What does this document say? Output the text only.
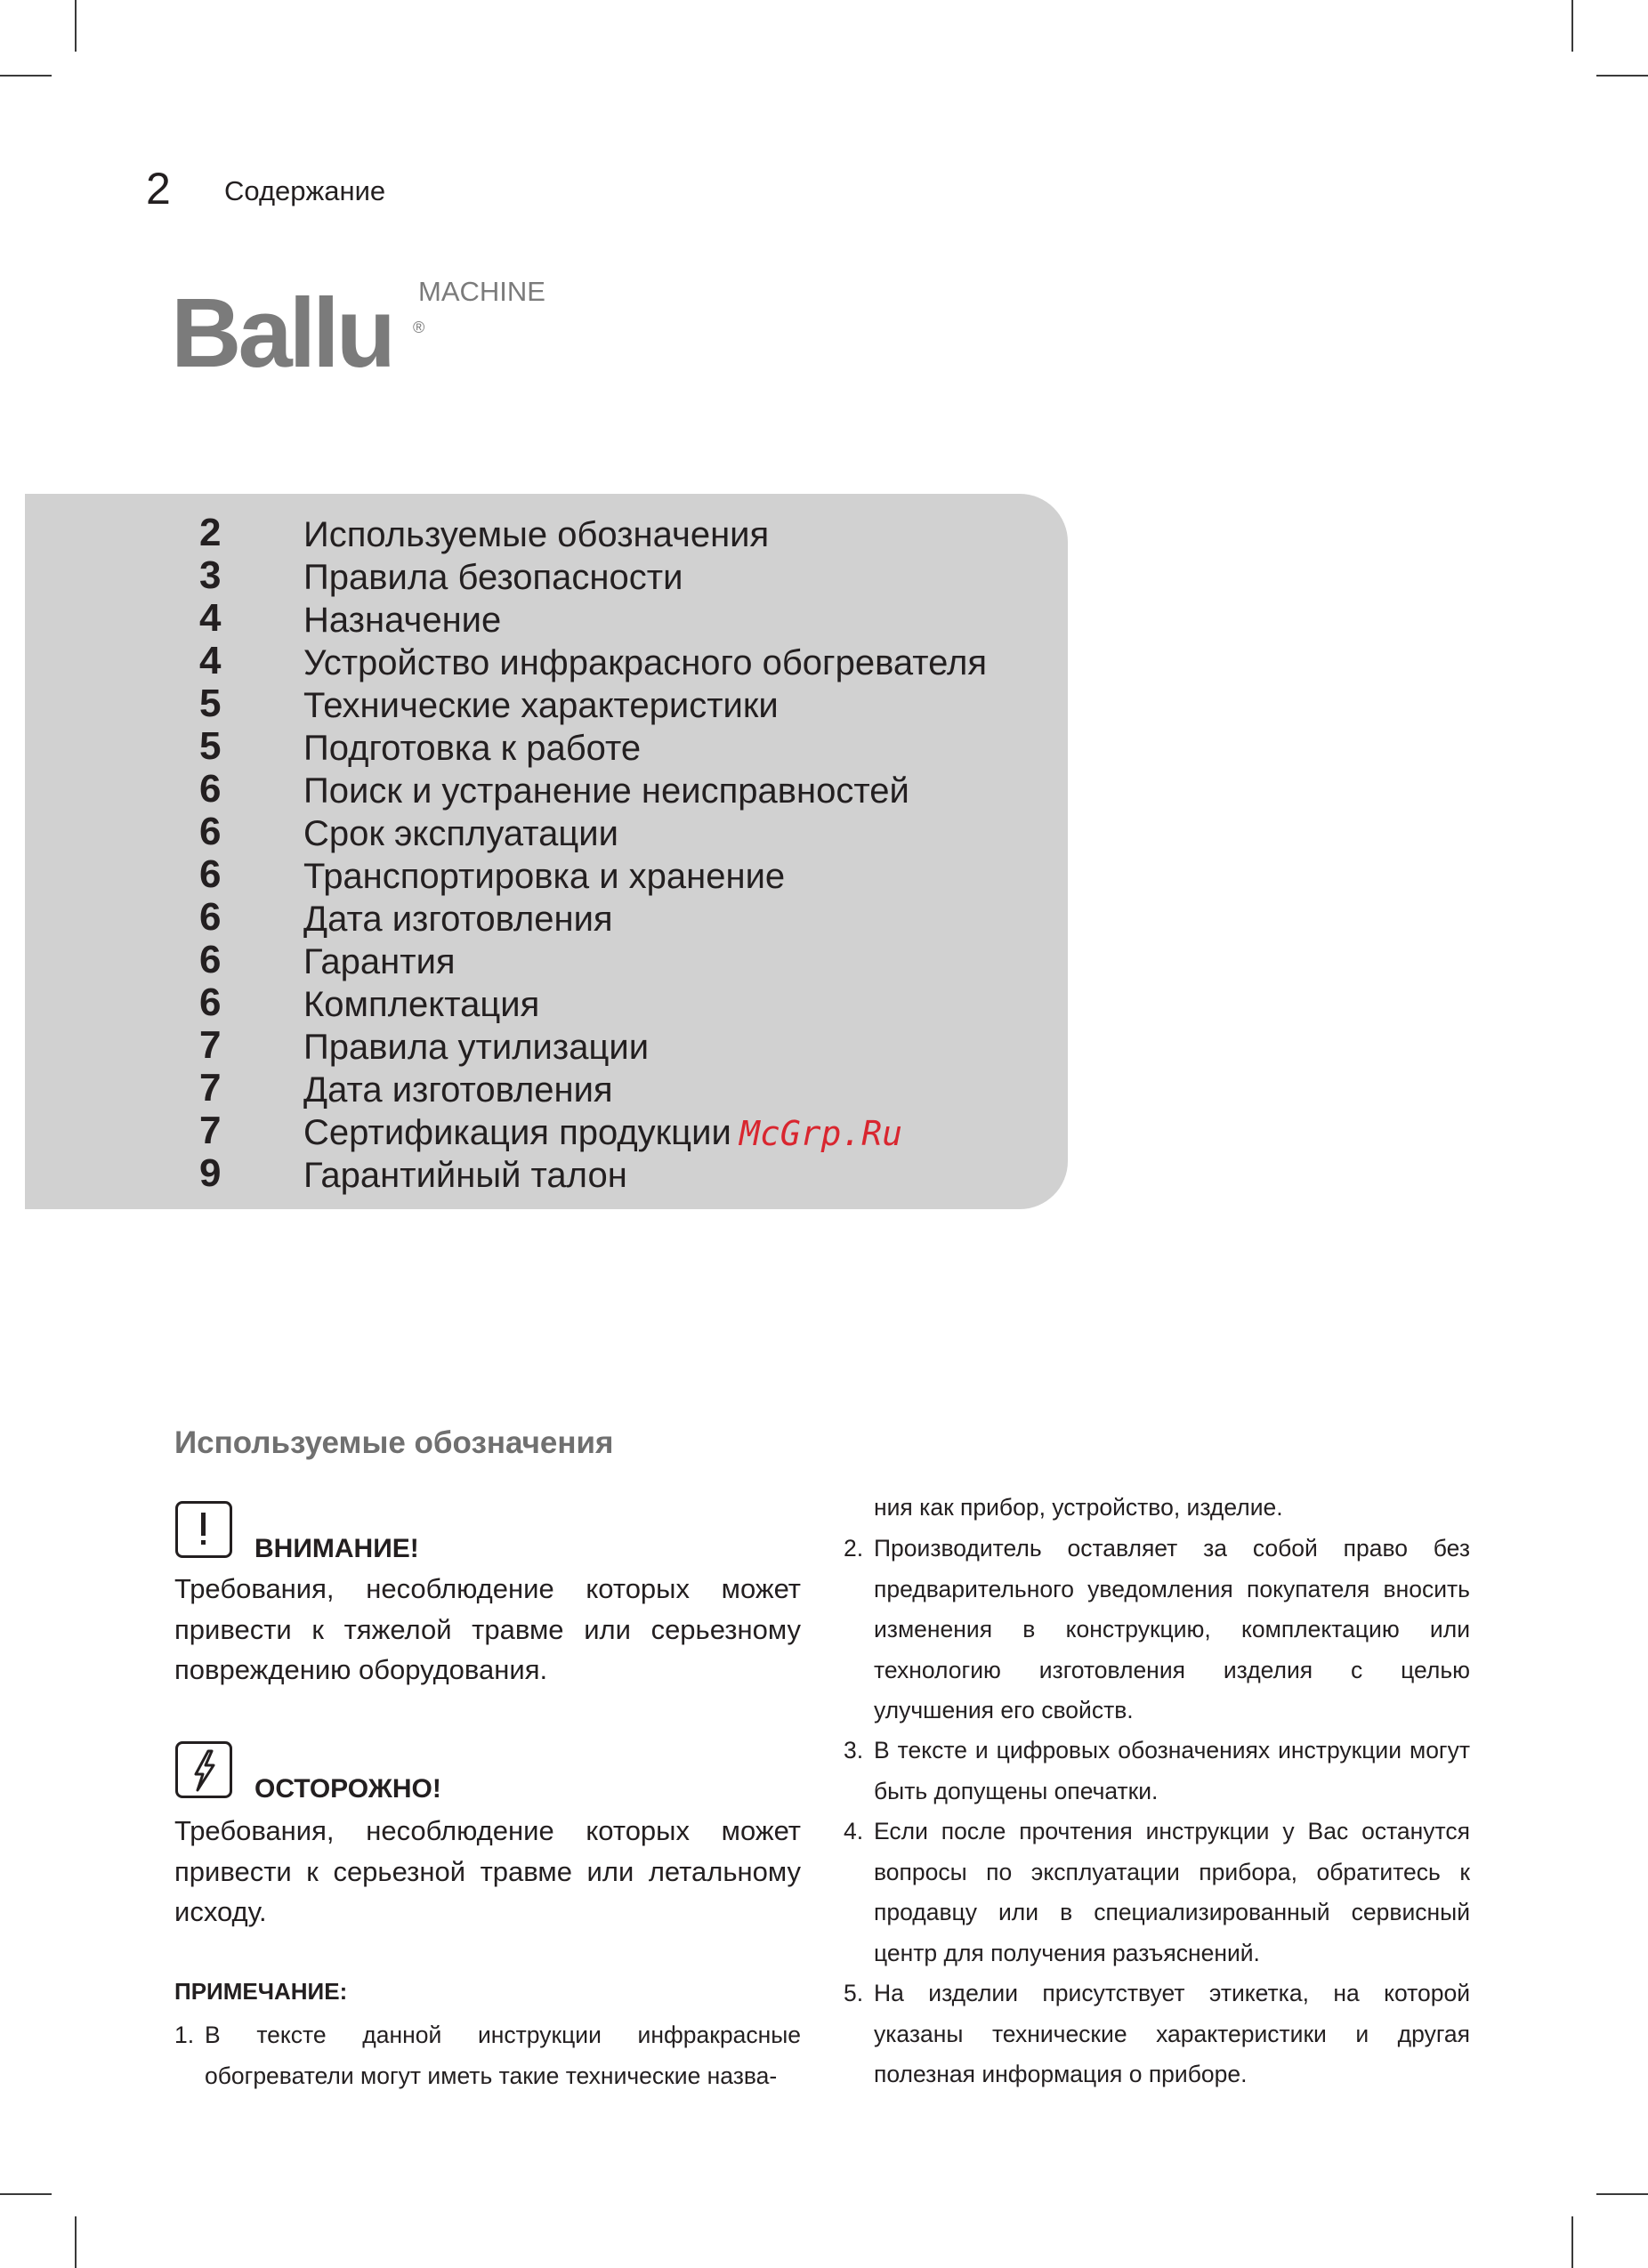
2 Содержание
Ballu MACHINE
®
2	Используемые обозначения
3	Правила безопасности
4	Назначение
4	Устройство инфракрасного обогревателя
5	Технические характеристики
5	Подготовка к работе
6	Поиск и устранение неисправностей
6	Срок эксплуатации
6	Транспортировка и хранение
6	Дата изготовления
6	Гарантия
6	Комплектация
7	Правила утилизации
7	Дата изготовления
7	Сертификация продукции
9	Гарантийный талон
McGrp.Ru
Используемые обозначения
ВНИМАНИЕ!
Требования, несоблюдение которых может привести к тяжелой травме или серьезному повреждению оборудования.
ОСТОРОЖНО!
Требования, несоблюдение которых может привести к серьезной травме или летальному исходу.
ПРИМЕЧАНИЕ:
1. В тексте данной инструкции инфракрасные обогреватели могут иметь такие технические назва-
ния как прибор, устройство, изделие.
2. Производитель оставляет за собой право без предварительного уведомления покупателя вносить изменения в конструкцию, комплектацию или технологию изготовления изделия с целью улучшения его свойств.
3. В тексте и цифровых обозначениях инструкции могут быть допущены опечатки.
4. Если после прочтения инструкции у Вас останутся вопросы по эксплуатации прибора, обратитесь к продавцу или в специализированный сервисный центр для получения разъяснений.
5. На изделии присутствует этикетка, на которой указаны технические характеристики и другая полезная информация о приборе.
